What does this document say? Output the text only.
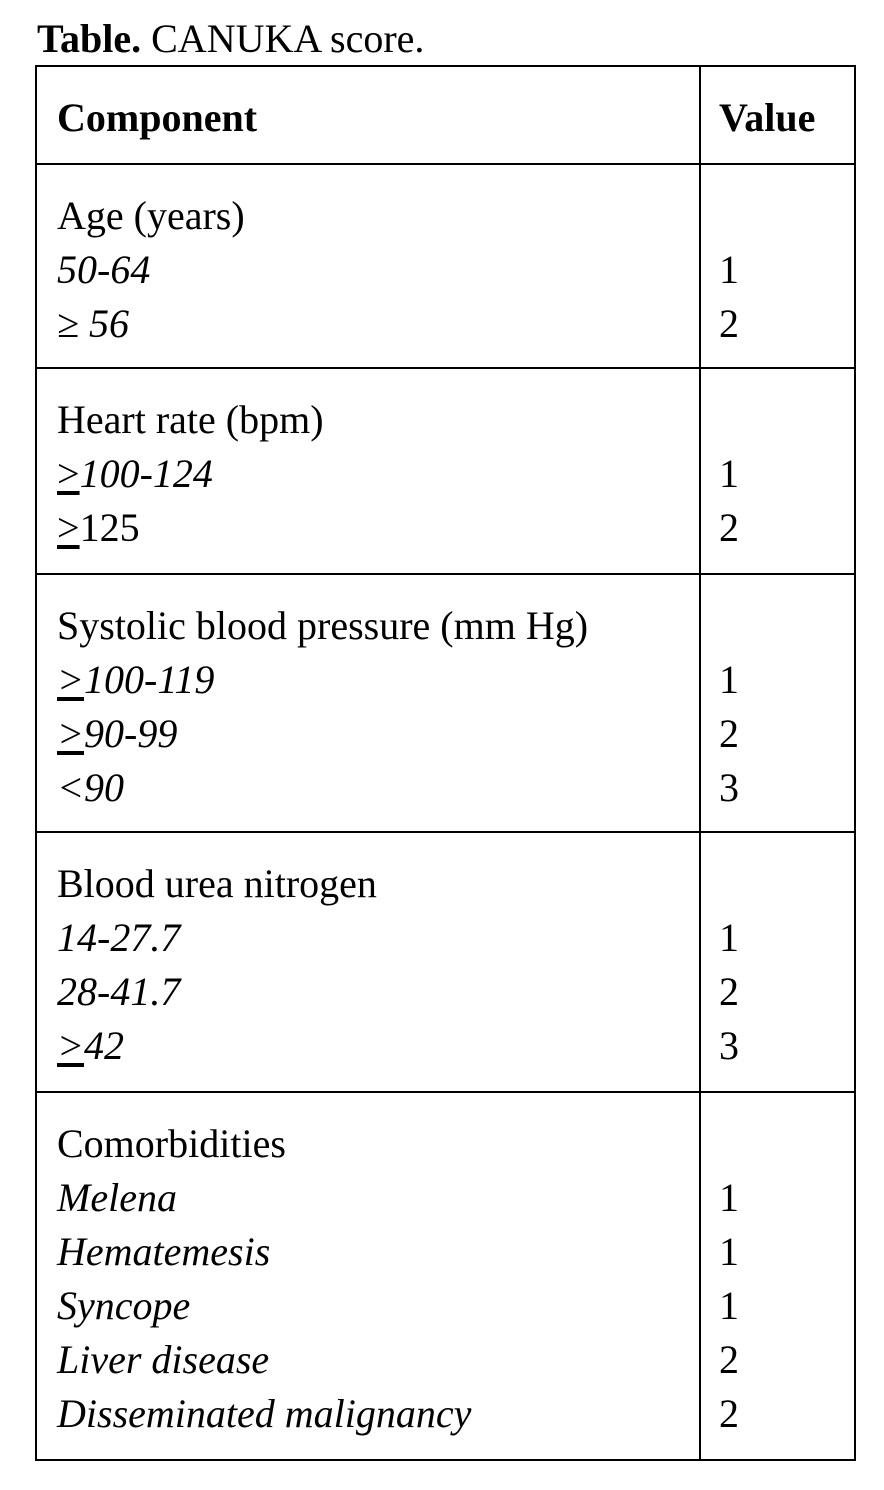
Table. CANUKA score.
Component	Value
Age (years)
50-64
≥ 56
1
2
Heart rate (bpm)
≥100-124
≥125
1
2
Systolic blood pressure (mm Hg)
≥100-119
≥90-99
<90
1
2
3
Blood urea nitrogen
14-27.7
28-41.7
≥42
1
2
3
Comorbidities
Melena
Hematemesis
Syncope
Liver disease
Disseminated malignancy
1
1
1
2
2
